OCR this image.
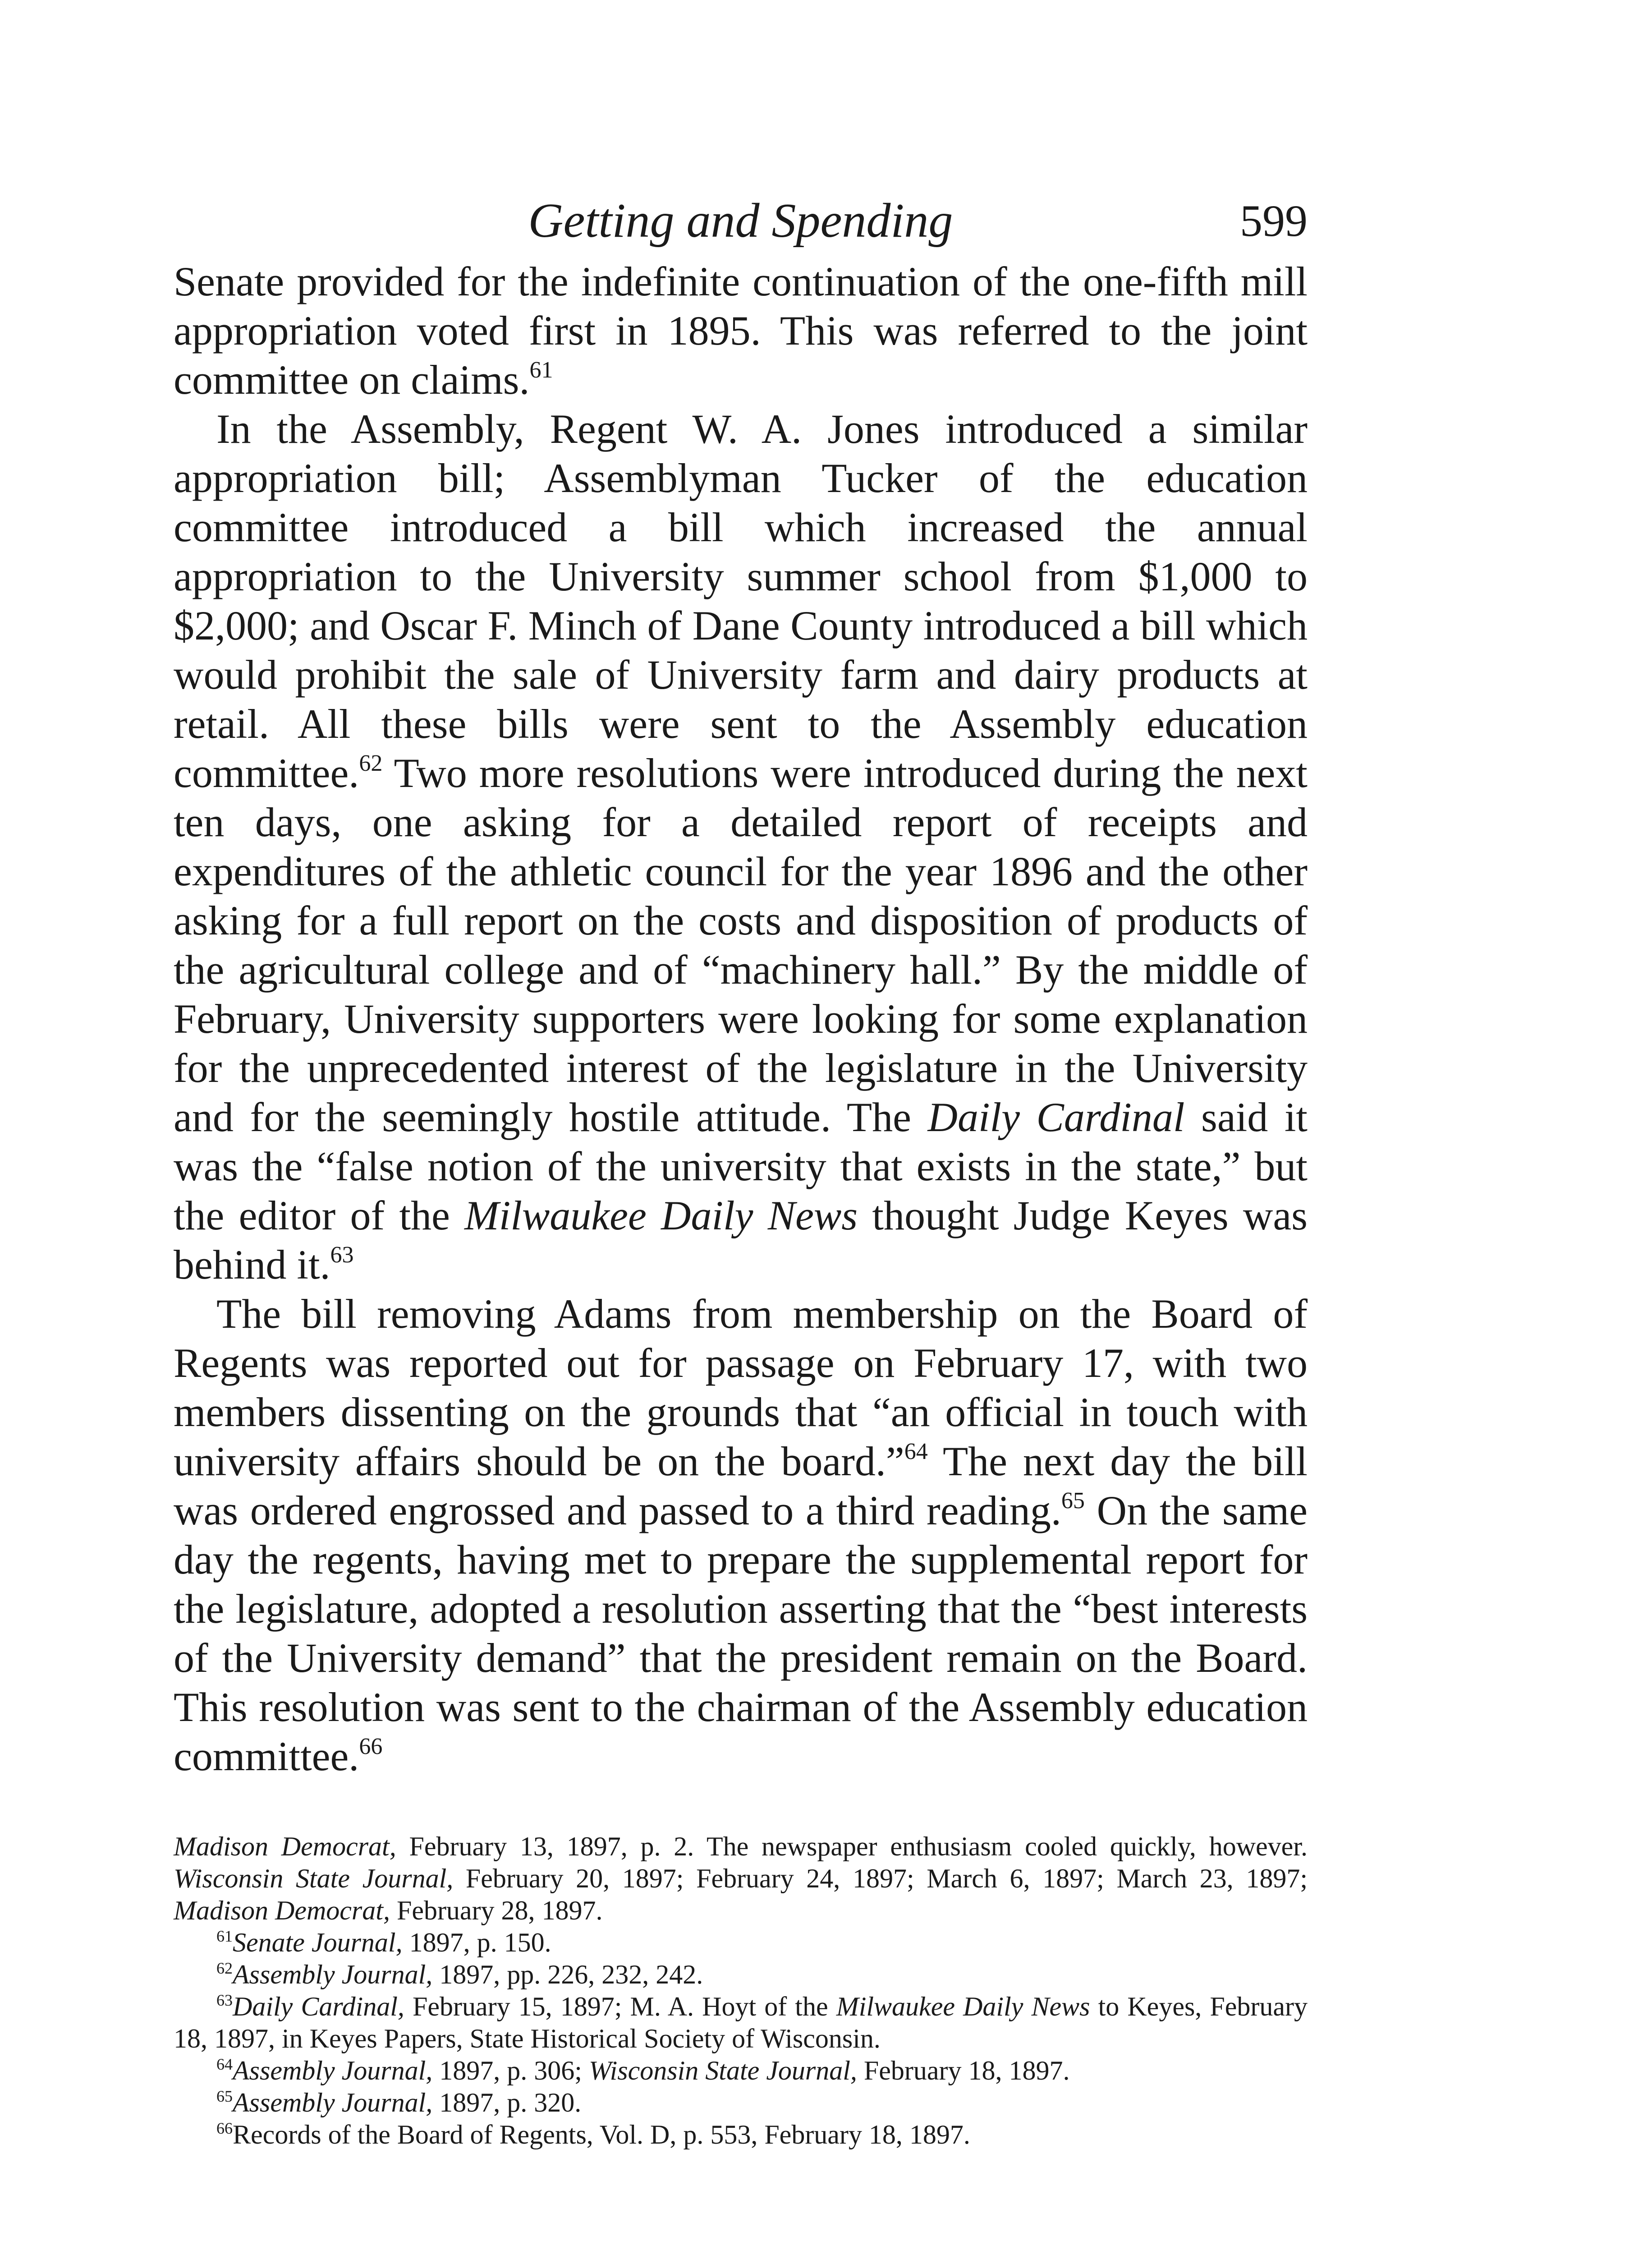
Getting and Spending	599

Senate provided for the indefinite continuation of the one-fifth mill appropriation voted first in 1895. This was referred to the joint committee on claims.$^{61}$

In the Assembly, Regent W. A. Jones introduced a similar appropriation bill; Assemblyman Tucker of the education committee introduced a bill which increased the annual appropriation to the University summer school from $1,000 to $2,000; and Oscar F. Minch of Dane County introduced a bill which would prohibit the sale of University farm and dairy products at retail. All these bills were sent to the Assembly education committee.$^{62}$ Two more resolutions were introduced during the next ten days, one asking for a detailed report of receipts and expenditures of the athletic council for the year 1896 and the other asking for a full report on the costs and disposition of products of the agricultural college and of “machinery hall.” By the middle of February, University supporters were looking for some explanation for the unprecedented interest of the legislature in the University and for the seemingly hostile attitude. The Daily Cardinal said it was the “false notion of the university that exists in the state,” but the editor of the Milwaukee Daily News thought Judge Keyes was behind it.$^{63}$

The bill removing Adams from membership on the Board of Regents was reported out for passage on February 17, with two members dissenting on the grounds that “an official in touch with university affairs should be on the board.”$^{64}$ The next day the bill was ordered engrossed and passed to a third reading.$^{65}$ On the same day the regents, having met to prepare the supplemental report for the legislature, adopted a resolution asserting that the “best interests of the University demand” that the president remain on the Board. This resolution was sent to the chairman of the Assembly education committee.$^{66}$

Madison Democrat, February 13, 1897, p. 2. The newspaper enthusiasm cooled quickly, however. Wisconsin State Journal, February 20, 1897; February 24, 1897; March 6, 1897; March 23, 1897; Madison Democrat, February 28, 1897.

$^{61}$Senate Journal, 1897, p. 150.

$^{62}$Assembly Journal, 1897, pp. 226, 232, 242.

$^{63}$Daily Cardinal, February 15, 1897; M. A. Hoyt of the Milwaukee Daily News to Keyes, February 18, 1897, in Keyes Papers, State Historical Society of Wisconsin.

$^{64}$Assembly Journal, 1897, p. 306; Wisconsin State Journal, February 18, 1897.

$^{65}$Assembly Journal, 1897, p. 320.

$^{66}$Records of the Board of Regents, Vol. D, p. 553, February 18, 1897.
